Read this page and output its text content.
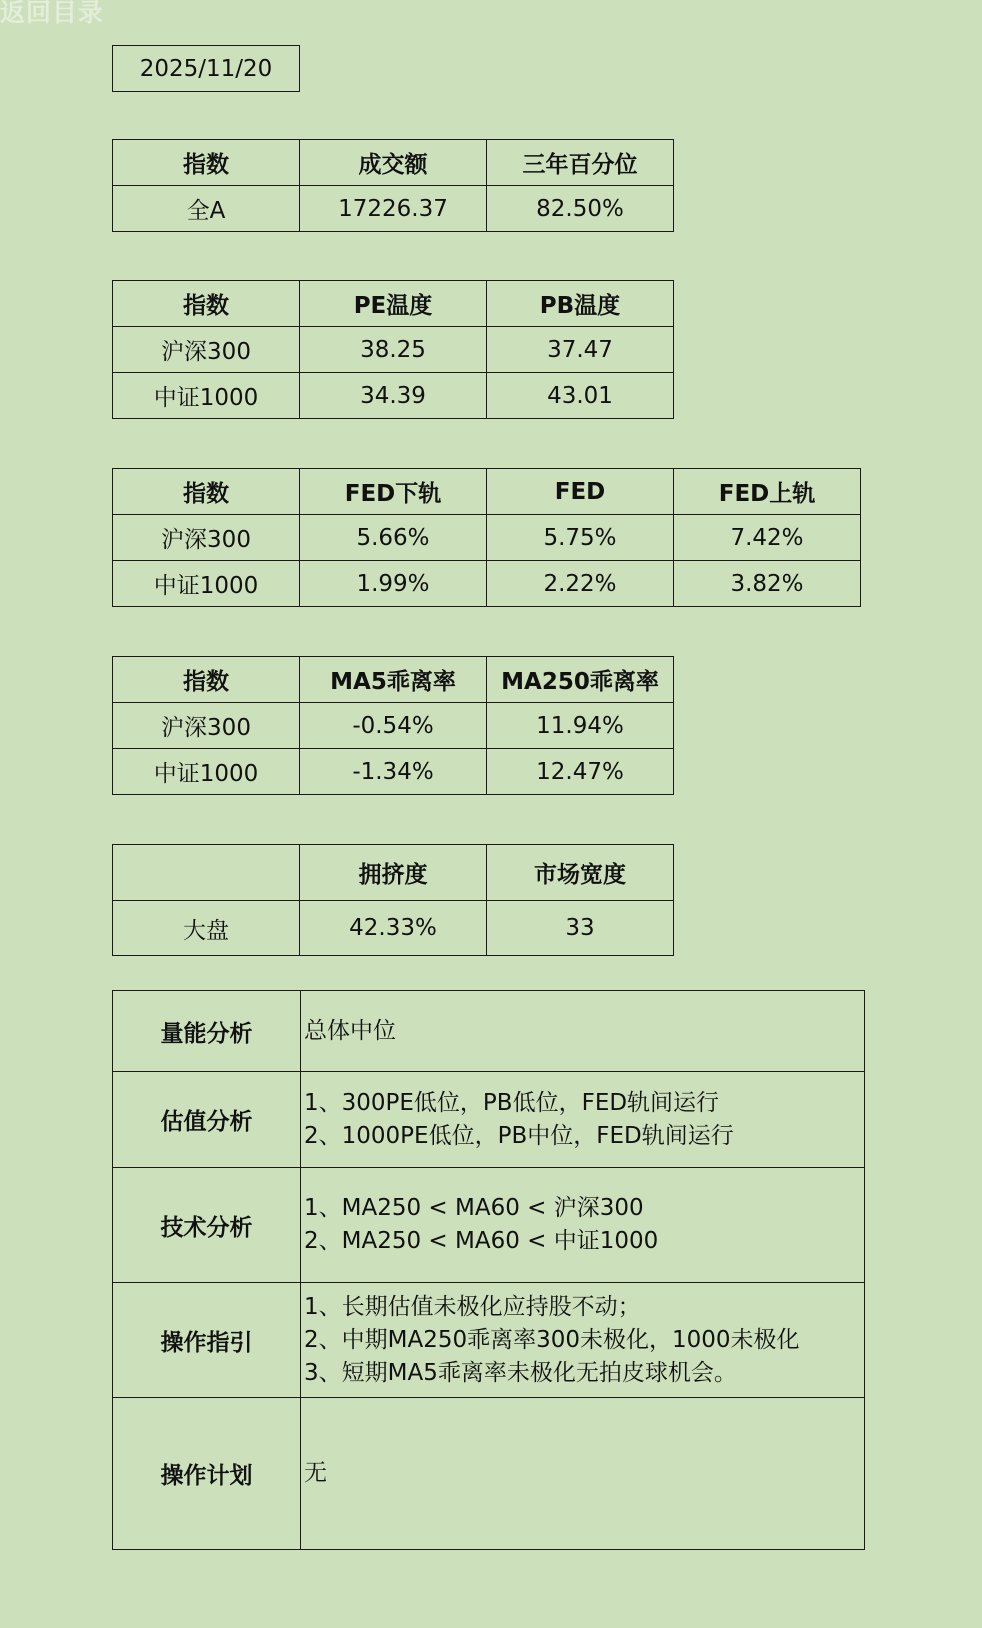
返回目录
2025/11/20
指数	成交额	三年百分位
全A	17226.37	82.50%
指数	PE温度	PB温度
沪深300	38.25	37.47
中证1000	34.39	43.01
指数	FED下轨	FED	FED上轨
沪深300	5.66%	5.75%	7.42%
中证1000	1.99%	2.22%	3.82%
指数	MA5乖离率	MA250乖离率
沪深300	-0.54%	11.94%
中证1000	-1.34%	12.47%
	拥挤度	市场宽度
大盘	42.33%	33
量能分析	总体中位

估值分析	1、300PE低位，PB低位，FED轨间运行
2、1000PE低位，PB中位，FED轨间运行

技术分析	1、MA250 < MA60 < 沪深300
2、MA250 < MA60 < 中证1000

操作指引	1、长期估值未极化应持股不动；
2、中期MA250乖离率300未极化，1000未极化
3、短期MA5乖离率未极化无拍皮球机会。

操作计划	无
